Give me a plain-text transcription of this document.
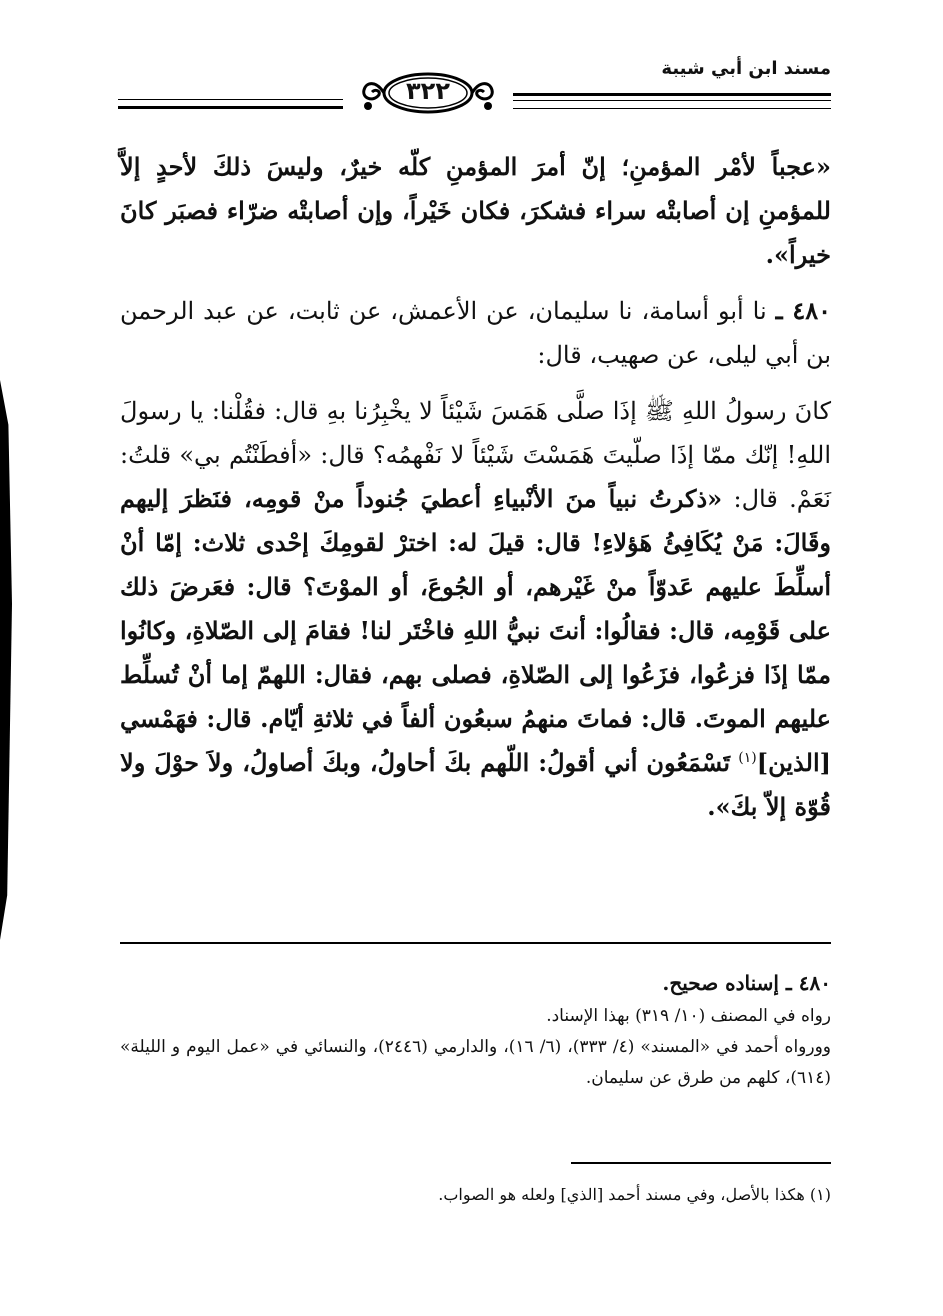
مسند ابن أبي شيبة
٣٢٢

«عجباً لأمْر المؤمنِ؛ إنّ أمرَ المؤمنِ كلّه خيرٌ، وليسَ ذلكَ لأحدٍ إلاَّ للمؤمنِ إن أصابتْه سراء فشكرَ، فكان خَيْراً، وإن أصابتْه ضرّاء فصبَر كانَ خيراً».

٤٨٠ ـ نا أبو أسامة، نا سليمان، عن الأعمش، عن ثابت، عن عبد الرحمن بن أبي ليلى، عن صهيب، قال:

كانَ رسولُ اللهِ ﷺ إذَا صلَّى هَمَسَ شَيْئاً لا يخْبِرُنا بهِ قال: فقُلْنا: يا رسولَ اللهِ! إنّك ممّا إذَا صلّيتَ هَمَسْتَ شَيْئاً لا نَفْهمُه؟ قال: «أفطَنْتُم بي» قلتُ: نَعَمْ. قال: «ذكرتُ نبياً منَ الأنْبياءِ أعطيَ جُنوداً منْ قومِه، فنَظرَ إليهم وقَالَ: مَنْ يُكَافِئُ هَؤلاءِ! قال: قيلَ له: اخترْ لقومِكَ إحْدى ثلاث: إمّا أنْ أسلِّطَ عليهم عَدوّاً منْ غَيْرهم، أو الجُوعَ، أو الموْتَ؟ قال: فعَرضَ ذلك على قَوْمِه، قال: فقالُوا: أنتَ نبيُّ اللهِ فاخْتَر لنا! فقامَ إلى الصّلاةِ، وكانُوا ممّا إذَا فزعُوا، فزَعُوا إلى الصّلاةِ، فصلى بهم، فقال: اللهمّ إما أنْ تُسلِّط عليهم الموتَ. قال: فماتَ منهمُ سبعُون ألفاً في ثلاثةِ أيّام. قال: فهَمْسي [الذين]$^{(١)}$ تَسْمَعُون أني أقولُ: اللّهم بكَ أحاولُ، وبكَ أصاولُ، ولاَ حوْلَ ولا قُوّة إلاّ بكَ».

٤٨٠ ـ إسناده صحيح.

رواه في المصنف (١٠/ ٣١٩) بهذا الإسناد.

وورواه أحمد في «المسند» (٤/ ٣٣٣)، (٦/ ١٦)، والدارمي (٢٤٤٦)، والنسائي في «عمل اليوم و الليلة» (٦١٤)، كلهم من طرق عن سليمان.

(١) هكذا بالأصل، وفي مسند أحمد [الذي] ولعله هو الصواب.
